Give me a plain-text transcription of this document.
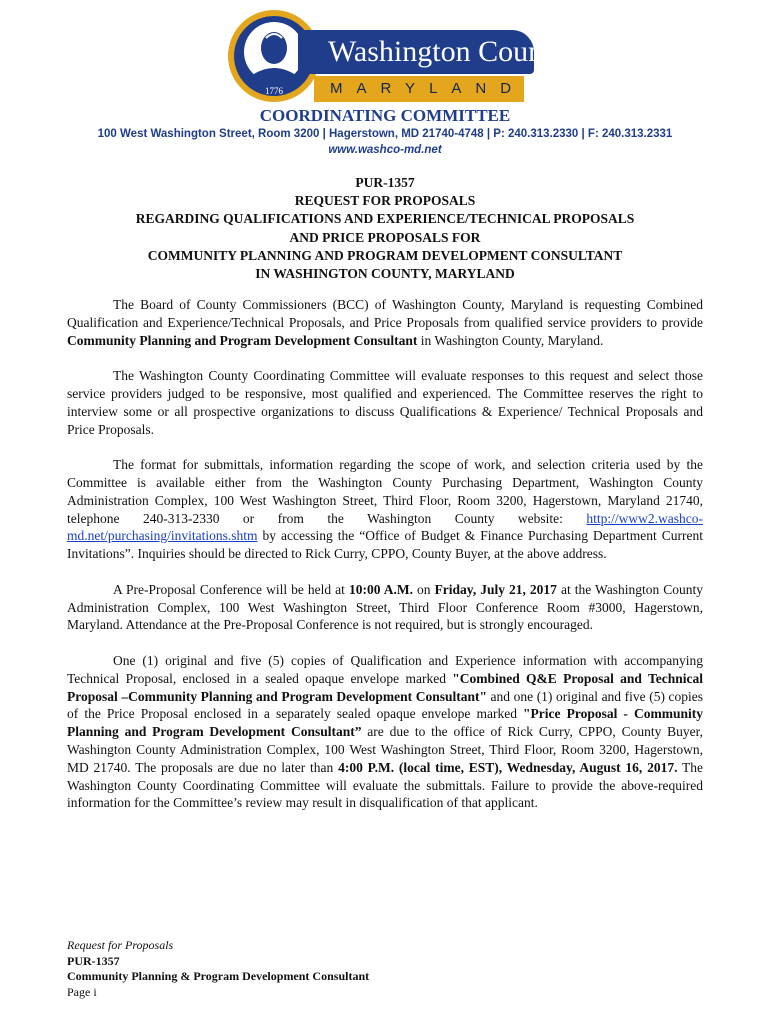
1776
Washington County
MARYLAND
COORDINATING COMMITTEE
100 West Washington Street, Room 3200 | Hagerstown, MD 21740-4748 | P: 240.313.2330 | F: 240.313.2331
www.washco-md.net
PUR-1357
REQUEST FOR PROPOSALS
REGARDING QUALIFICATIONS AND EXPERIENCE/TECHNICAL PROPOSALS
AND PRICE PROPOSALS FOR
COMMUNITY PLANNING AND PROGRAM DEVELOPMENT CONSULTANT
IN WASHINGTON COUNTY, MARYLAND

The Board of County Commissioners (BCC) of Washington County, Maryland is requesting Combined Qualification and Experience/Technical Proposals, and Price Proposals from qualified service providers to provide Community Planning and Program Development Consultant in Washington County, Maryland.

The Washington County Coordinating Committee will evaluate responses to this request and select those service providers judged to be responsive, most qualified and experienced. The Committee reserves the right to interview some or all prospective organizations to discuss Qualifications & Experience/ Technical Proposals and Price Proposals.

The format for submittals, information regarding the scope of work, and selection criteria used by the Committee is available either from the Washington County Purchasing Department, Washington County Administration Complex, 100 West Washington Street, Third Floor, Room 3200, Hagerstown, Maryland 21740, telephone 240-313-2330 or from the Washington County website: http://www2.washco-md.net/purchasing/invitations.shtm by accessing the “Office of Budget & Finance Purchasing Department Current Invitations”. Inquiries should be directed to Rick Curry, CPPO, County Buyer, at the above address.

A Pre-Proposal Conference will be held at 10:00 A.M. on Friday, July 21, 2017 at the Washington County Administration Complex, 100 West Washington Street, Third Floor Conference Room #3000, Hagerstown, Maryland. Attendance at the Pre-Proposal Conference is not required, but is strongly encouraged.

One (1) original and five (5) copies of Qualification and Experience information with accompanying Technical Proposal, enclosed in a sealed opaque envelope marked "Combined Q&E Proposal and Technical Proposal –Community Planning and Program Development Consultant" and one (1) original and five (5) copies of the Price Proposal enclosed in a separately sealed opaque envelope marked "Price Proposal - Community Planning and Program Development Consultant” are due to the office of Rick Curry, CPPO, County Buyer, Washington County Administration Complex, 100 West Washington Street, Third Floor, Room 3200, Hagerstown, MD 21740. The proposals are due no later than 4:00 P.M. (local time, EST), Wednesday, August 16, 2017. The Washington County Coordinating Committee will evaluate the submittals. Failure to provide the above-required information for the Committee’s review may result in disqualification of that applicant.

Request for Proposals
PUR-1357
Community Planning & Program Development Consultant
Page i
